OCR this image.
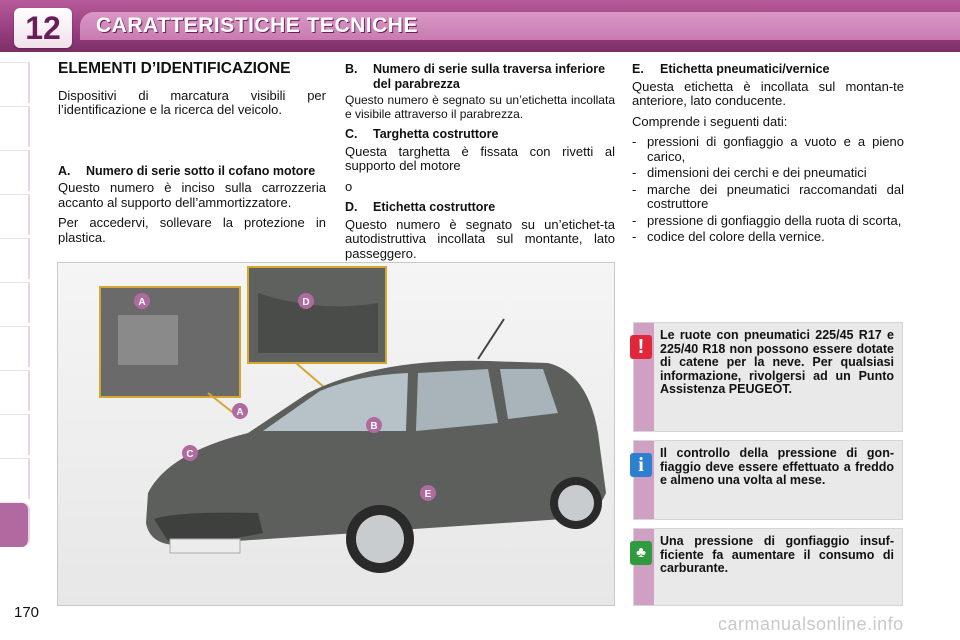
12	CARATTERISTICHE TECNICHE
ELEMENTI D’IDENTIFICAZIONE

Dispositivi di marcatura visibili per l’identificazione e la ricerca del veicolo.

A.	Numero di serie sotto il cofano motore

Questo numero è inciso sulla carrozzeria accanto al supporto dell’ammortizzatore.

Per accedervi, sollevare la protezione in plastica.

B.	Numero di serie sulla traversa inferiore del parabrezza

Questo numero è segnato su un’etichetta incollata e visibile attraverso il parabrezza.

C.	Targhetta costruttore

Questa targhetta è fissata con rivetti al supporto del motore

o

D.	Etichetta costruttore

Questo numero è segnato su un’etichet-ta autodistruttiva incollata sul montante, lato passeggero.

E.	Etichetta pneumatici/vernice

Questa etichetta è incollata sul montan-te anteriore, lato conducente.

Comprende i seguenti dati:

- pressioni di gonfiaggio a vuoto e a pieno carico,
- dimensioni dei cerchi e dei pneumatici
- marche dei pneumatici raccomandati dal costruttore
- pressione di gonfiaggio della ruota di scorta,
- codice del colore della vernice.
A
B
C
D
E
A
!
Le ruote con pneumatici 225/45 R17 e 225/40 R18 non possono essere dotate di catene per la neve. Per qualsiasi informazione, rivolgersi ad un Punto Assistenza PEUGEOT.
i
Il controllo della pressione di gon-fiaggio deve essere effettuato a freddo e almeno una volta al mese.
♣
Una pressione di gonfiaggio insuf-ficiente fa aumentare il consumo di carburante.
170
carmanualsonline.info
